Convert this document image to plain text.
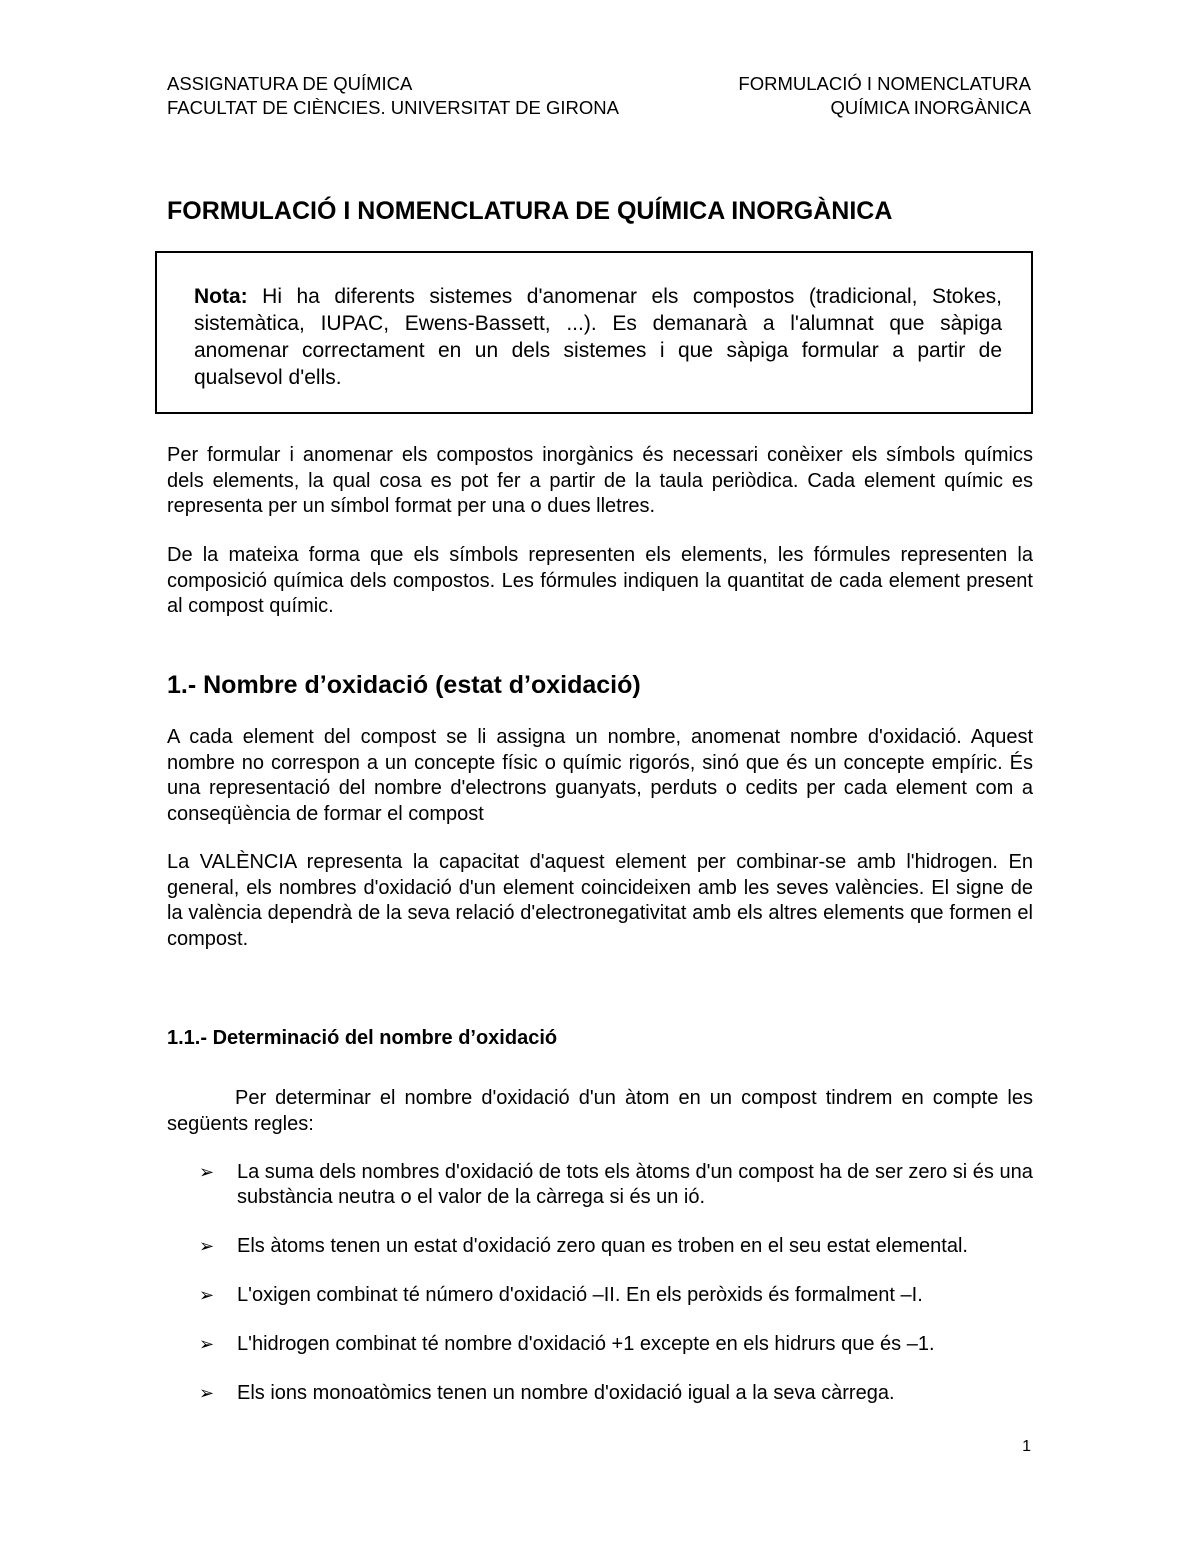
ASSIGNATURA DE QUÍMICA
FACULTAT DE CIÈNCIES. UNIVERSITAT DE GIRONA
FORMULACIÓ I NOMENCLATURA
QUÍMICA INORGÀNICA
FORMULACIÓ I NOMENCLATURA DE QUÍMICA INORGÀNICA
Nota: Hi ha diferents sistemes d'anomenar els compostos (tradicional, Stokes, sistemàtica, IUPAC, Ewens-Bassett, ...). Es demanarà a l'alumnat que sàpiga anomenar correctament en un dels sistemes i que sàpiga formular a partir de qualsevol d'ells.
Per formular i anomenar els compostos inorgànics és necessari conèixer els símbols químics dels elements, la qual cosa es pot fer a partir de la taula periòdica. Cada element químic es representa per un símbol format per una o dues lletres.
De la mateixa forma que els símbols representen els elements, les fórmules representen la composició química dels compostos. Les fórmules indiquen la quantitat de cada element present al compost químic.
1.- Nombre d’oxidació (estat d’oxidació)
A cada element del compost se li assigna un nombre, anomenat nombre d'oxidació. Aquest nombre no correspon a un concepte físic o químic rigorós, sinó que és un concepte empíric. És una representació del nombre d'electrons guanyats, perduts o cedits per cada element com a conseqüència de formar el compost
La VALÈNCIA representa la capacitat d'aquest element per combinar-se amb l'hidrogen. En general, els nombres d'oxidació d'un element coincideixen amb les seves valències. El signe de la valència dependrà de la seva relació d'electronegativitat amb els altres elements que formen el compost.
1.1.- Determinació del nombre d’oxidació
Per determinar el nombre d'oxidació d'un àtom en un compost tindrem en compte les següents regles:
➢ La suma dels nombres d'oxidació de tots els àtoms d'un compost ha de ser zero si és una substància neutra o el valor de la càrrega si és un ió.
➢ Els àtoms tenen un estat d'oxidació zero quan es troben en el seu estat elemental.
➢ L'oxigen combinat té número d'oxidació –II. En els peròxids és formalment –I.
➢ L'hidrogen combinat té nombre d'oxidació +1 excepte en els hidrurs que és –1.
➢ Els ions monoatòmics tenen un nombre d'oxidació igual a la seva càrrega.
1
